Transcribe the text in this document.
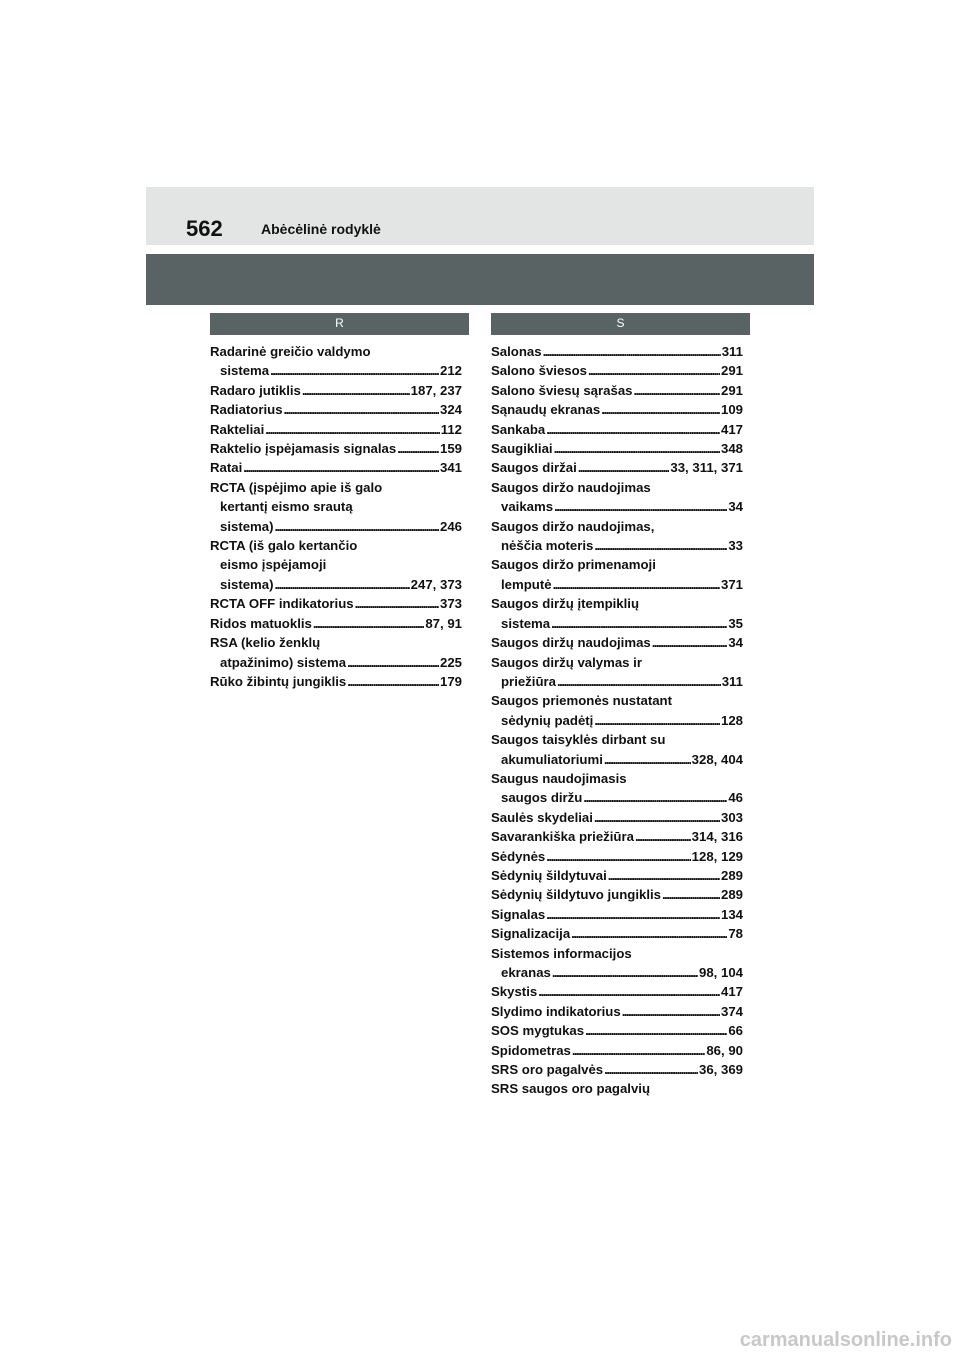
562	Abėcėlinė rodyklė
R	S
Radarinė greičio valdymo
sistema . . .	212
Radaro jutiklis . . .	187, 237
Radiatorius . . .	324
Rakteliai . . .	112
Raktelio įspėjamasis signalas . . .	159
Ratai . . .	341
RCTA (įspėjimo apie iš galo
kertantį eismo srautą
sistema) . . .	246
RCTA (iš galo kertančio
eismo įspėjamoji
sistema) . . .	247, 373
RCTA OFF indikatorius . . .	373
Ridos matuoklis . . .	87, 91
RSA (kelio ženklų
atpažinimo) sistema . . .	225
Rūko žibintų jungiklis . . .	179
Salonas . . .	311
Salono šviesos . . .	291
Salono šviesų sąrašas . . .	291
Sąnaudų ekranas . . .	109
Sankaba . . .	417
Saugikliai . . .	348
Saugos diržai . . .	33, 311, 371
Saugos diržo naudojimas
vaikams . . .	34
Saugos diržo naudojimas,
nėščia moteris . . .	33
Saugos diržo primenamoji
lemputė . . .	371
Saugos diržų įtempiklių
sistema . . .	35
Saugos diržų naudojimas . . .	34
Saugos diržų valymas ir
priežiūra . . .	311
Saugos priemonės nustatant
sėdynių padėtį . . .	128
Saugos taisyklės dirbant su
akumuliatoriumi . . .	328, 404
Saugus naudojimasis
saugos diržu . . .	46
Saulės skydeliai . . .	303
Savarankiška priežiūra . . .	314, 316
Sėdynės . . .	128, 129
Sėdynių šildytuvai . . .	289
Sėdynių šildytuvo jungiklis . . .	289
Signalas . . .	134
Signalizacija . . .	78
Sistemos informacijos
ekranas . . .	98, 104
Skystis . . .	417
Slydimo indikatorius . . .	374
SOS mygtukas . . .	66
Spidometras . . .	86, 90
SRS oro pagalvės . . .	36, 369
SRS saugos oro pagalvių
carmanualsonline.info
